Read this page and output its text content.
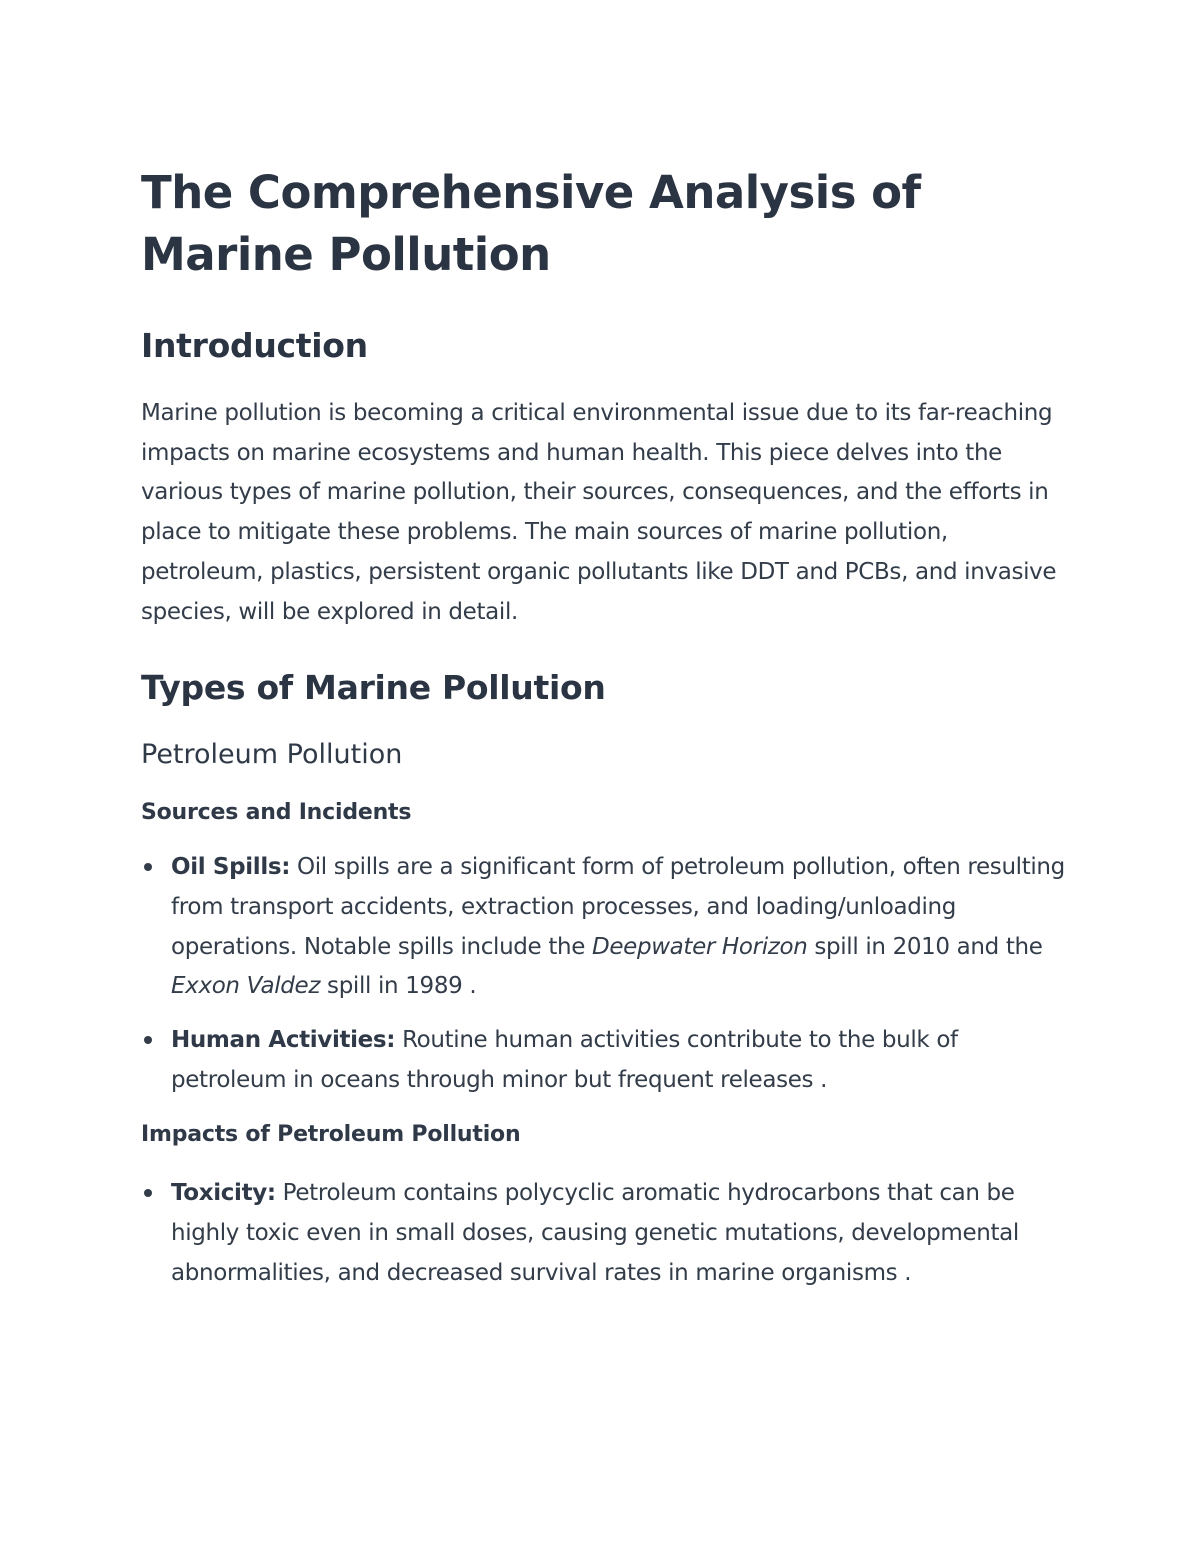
The Comprehensive Analysis of Marine Pollution
Introduction

Marine pollution is becoming a critical environmental issue due to its far-reaching impacts on marine ecosystems and human health. This piece delves into the various types of marine pollution, their sources, consequences, and the efforts in place to mitigate these problems. The main sources of marine pollution, petroleum, plastics, persistent organic pollutants like DDT and PCBs, and invasive species, will be explored in detail.

Types of Marine Pollution
Petroleum Pollution
Sources and Incidents
Oil Spills: Oil spills are a significant form of petroleum pollution, often resulting from transport accidents, extraction processes, and loading/unloading operations. Notable spills include the Deepwater Horizon spill in 2010 and the Exxon Valdez spill in 1989 .
Human Activities: Routine human activities contribute to the bulk of petroleum in oceans through minor but frequent releases .
Impacts of Petroleum Pollution
Toxicity: Petroleum contains polycyclic aromatic hydrocarbons that can be highly toxic even in small doses, causing genetic mutations, developmental abnormalities, and decreased survival rates in marine organisms .
